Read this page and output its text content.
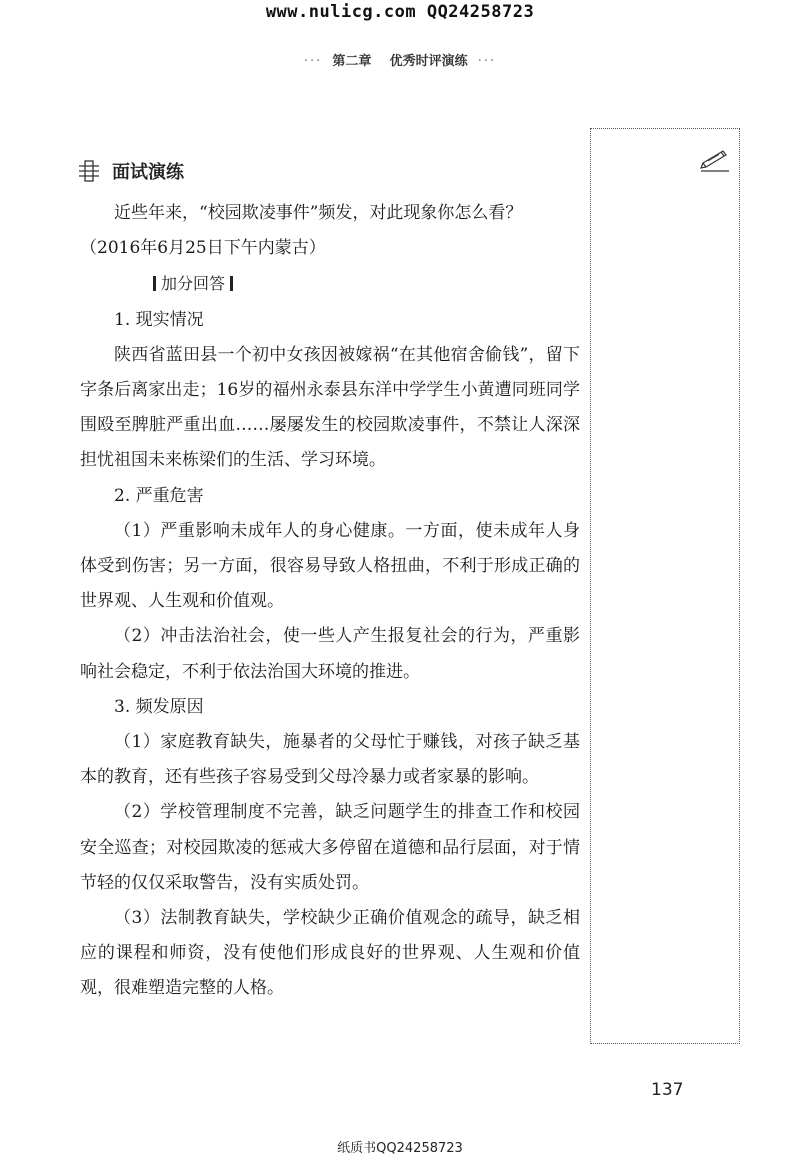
www.nulicg.com QQ24258723
··· 第二章 优秀时评演练 ···
面试演练

近些年来，“校园欺凌事件”频发，对此现象你怎么看？

（2016年6月25日下午内蒙古）

加分回答

1. 现实情况

陕西省蓝田县一个初中女孩因被嫁祸“在其他宿舍偷钱”，留下字条后离家出走；16岁的福州永泰县东洋中学学生小黄遭同班同学围殴至脾脏严重出血……屡屡发生的校园欺凌事件，不禁让人深深担忧祖国未来栋梁们的生活、学习环境。

2. 严重危害

（1）严重影响未成年人的身心健康。一方面，使未成年人身体受到伤害；另一方面，很容易导致人格扭曲，不利于形成正确的世界观、人生观和价值观。

（2）冲击法治社会，使一些人产生报复社会的行为，严重影响社会稳定，不利于依法治国大环境的推进。

3. 频发原因

（1）家庭教育缺失，施暴者的父母忙于赚钱，对孩子缺乏基本的教育，还有些孩子容易受到父母冷暴力或者家暴的影响。

（2）学校管理制度不完善，缺乏问题学生的排查工作和校园安全巡查；对校园欺凌的惩戒大多停留在道德和品行层面，对于情节轻的仅仅采取警告，没有实质处罚。

（3）法制教育缺失，学校缺少正确价值观念的疏导，缺乏相应的课程和师资，没有使他们形成良好的世界观、人生观和价值观，很难塑造完整的人格。

137
纸质书QQ24258723
